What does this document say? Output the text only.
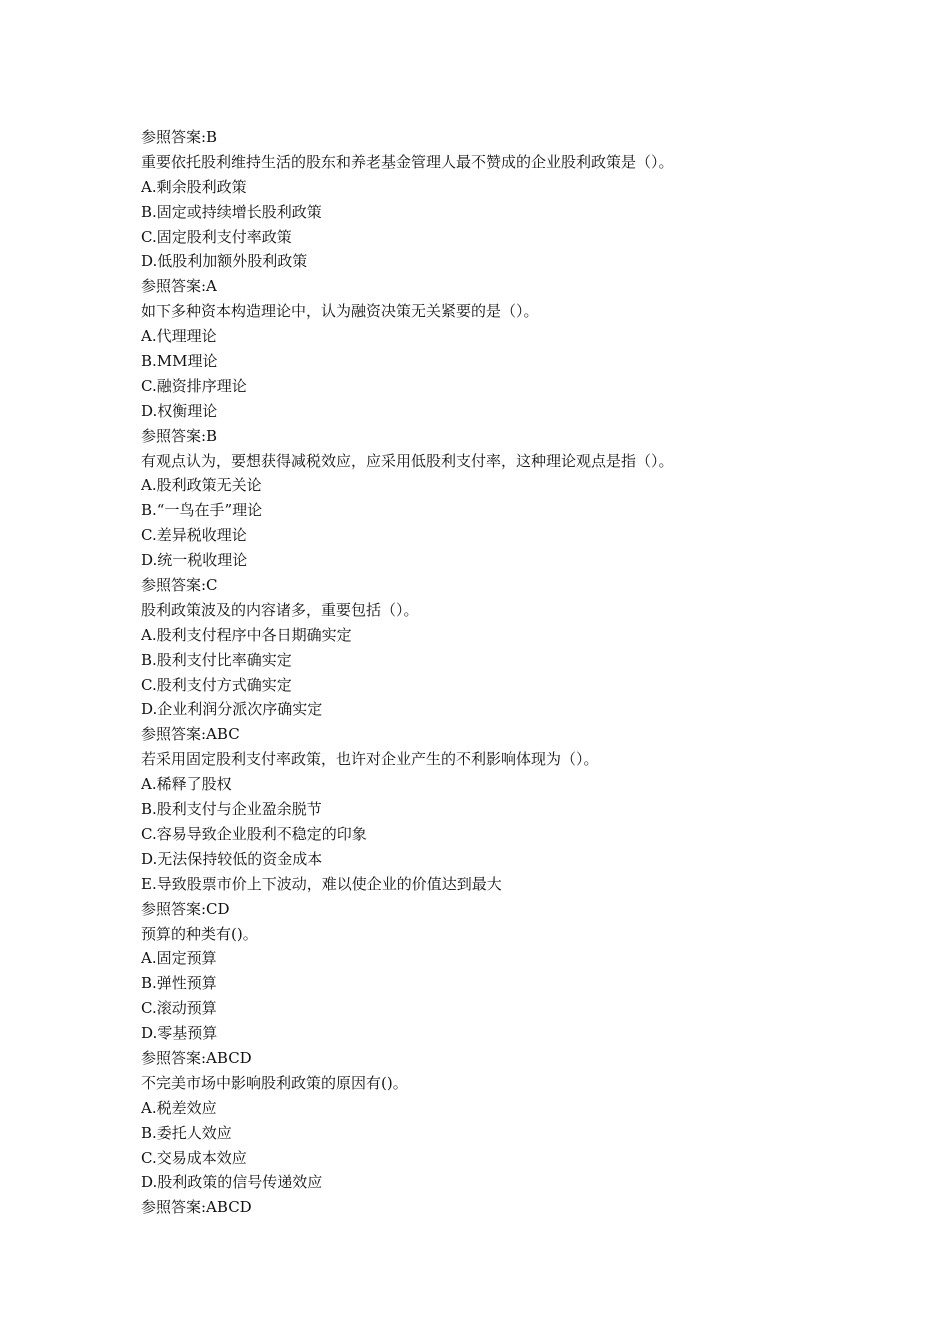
参照答案:B
重要依托股利维持生活的股东和养老基金管理人最不赞成的企业股利政策是（）。
A.剩余股利政策
B.固定或持续增长股利政策
C.固定股利支付率政策
D.低股利加额外股利政策
参照答案:A
如下多种资本构造理论中，认为融资决策无关紧要的是（）。
A.代理理论
B.MM理论
C.融资排序理论
D.权衡理论
参照答案:B
有观点认为，要想获得减税效应，应采用低股利支付率，这种理论观点是指（）。
A.股利政策无关论
B.“一鸟在手”理论
C.差异税收理论
D.统一税收理论
参照答案:C
股利政策波及的内容诸多，重要包括（）。
A.股利支付程序中各日期确实定
B.股利支付比率确实定
C.股利支付方式确实定
D.企业利润分派次序确实定
参照答案:ABC
若采用固定股利支付率政策，也许对企业产生的不利影响体现为（）。
A.稀释了股权
B.股利支付与企业盈余脱节
C.容易导致企业股利不稳定的印象
D.无法保持较低的资金成本
E.导致股票市价上下波动，难以使企业的价值达到最大
参照答案:CD
预算的种类有()。
A.固定预算
B.弹性预算
C.滚动预算
D.零基预算
参照答案:ABCD
不完美市场中影响股利政策的原因有()。
A.税差效应
B.委托人效应
C.交易成本效应
D.股利政策的信号传递效应
参照答案:ABCD
